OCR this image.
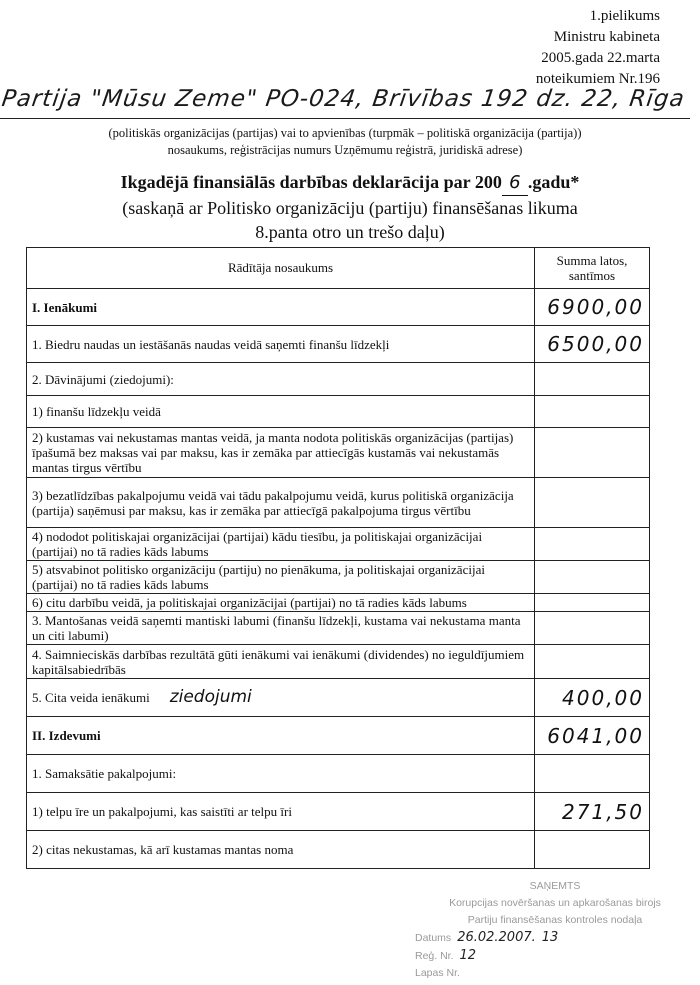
1.pielikums
Ministru kabineta
2005.gada 22.marta
noteikumiem Nr.196
Partija "Mūsu Zeme" PO-024, Brīvības 192 dz. 22, Rīga
(politiskās organizācijas (partijas) vai to apvienības (turpmāk – politiskā organizācija (partija))
nosaukums, reģistrācijas numurs Uzņēmumu reģistrā, juridiskā adrese)
Ikgadējā finansiālās darbības deklarācija par 200 6 .gadu*
(saskaņā ar Politisko organizāciju (partiju) finansēšanas likuma
8.panta otro un trešo daļu)
Rādītāja nosaukums	Summa latos, santīmos
I. Ienākumi	6900,00
1. Biedru naudas un iestāšanās naudas veidā saņemti finanšu līdzekļi	6500,00
2. Dāvinājumi (ziedojumi):	
1) finanšu līdzekļu veidā	
2) kustamas vai nekustamas mantas veidā, ja manta nodota politiskās organizācijas (partijas) īpašumā bez maksas vai par maksu, kas ir zemāka par attiecīgās kustamās vai nekustamās mantas tirgus vērtību	
3) bezatlīdzības pakalpojumu veidā vai tādu pakalpojumu veidā, kurus politiskā organizācija (partija) saņēmusi par maksu, kas ir zemāka par attiecīgā pakalpojuma tirgus vērtību	
4) nododot politiskajai organizācijai (partijai) kādu tiesību, ja politiskajai organizācijai (partijai) no tā radies kāds labums	
5) atsvabinot politisko organizāciju (partiju) no pienākuma, ja politiskajai organizācijai (partijai) no tā radies kāds labums	
6) citu darbību veidā, ja politiskajai organizācijai (partijai) no tā radies kāds labums	
3. Mantošanas veidā saņemti mantiski labumi (finanšu līdzekļi, kustama vai nekustama manta un citi labumi)	
4. Saimnieciskās darbības rezultātā gūti ienākumi vai ienākumi (dividendes) no ieguldījumiem kapitālsabiedrībās	
5. Cita veida ienākumi ziedojumi	400,00
II. Izdevumi	6041,00
1. Samaksātie pakalpojumi:	
1) telpu īre un pakalpojumi, kas saistīti ar telpu īri	271,50
2) citas nekustamas, kā arī kustamas mantas noma	
SAŅEMTS
Korupcijas novēršanas un apkarošanas birojs
Partiju finansēšanas kontroles nodaļa
Datums 26.02.2007. 13
Reģ. Nr. 12
Lapas Nr.
